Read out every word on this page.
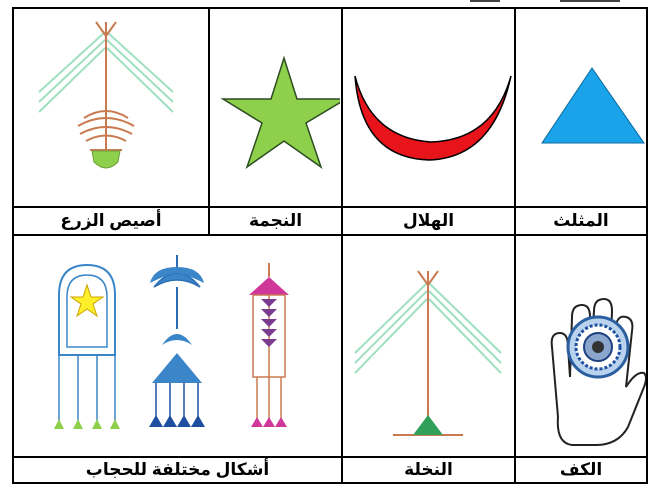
أصيص الزرع	النجمة	الهلال	المثلث

أشكال مختلفة للحجاب		النخلة	الكف
